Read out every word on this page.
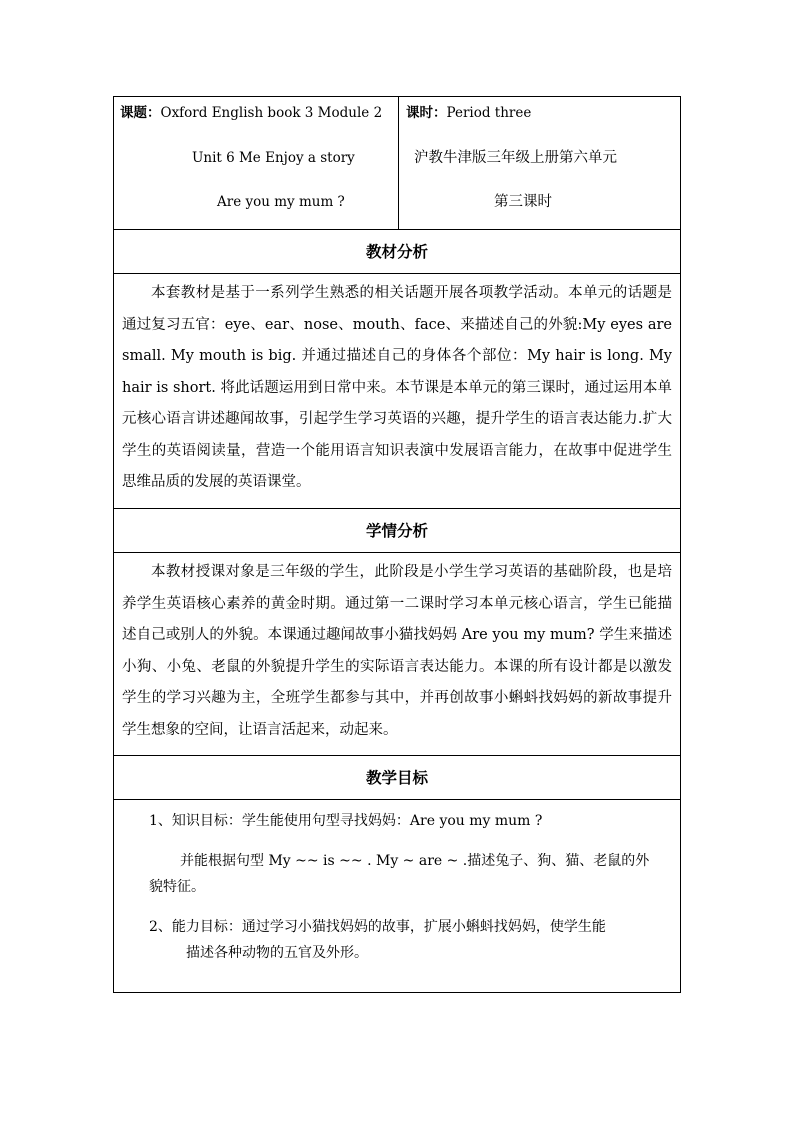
课题：Oxford English book 3 Module 2
Unit 6 Me Enjoy a story
Are you my mum ?

课时：Period three
沪教牛津版三年级上册第六单元
第三课时

教材分析

本套教材是基于一系列学生熟悉的相关话题开展各项教学活动。本单元的话题是通过复习五官：eye、ear、nose、mouth、face、来描述自己的外貌:My eyes are small. My mouth is big. 并通过描述自己的身体各个部位：My hair is long. My hair is short. 将此话题运用到日常中来。本节课是本单元的第三课时，通过运用本单元核心语言讲述趣闻故事，引起学生学习英语的兴趣，提升学生的语言表达能力.扩大学生的英语阅读量，营造一个能用语言知识表演中发展语言能力，在故事中促进学生思维品质的发展的英语课堂。

学情分析

本教材授课对象是三年级的学生，此阶段是小学生学习英语的基础阶段，也是培养学生英语核心素养的黄金时期。通过第一二课时学习本单元核心语言，学生已能描述自己或别人的外貌。本课通过趣闻故事小猫找妈妈 Are you my mum? 学生来描述小狗、小兔、老鼠的外貌提升学生的实际语言表达能力。本课的所有设计都是以激发学生的学习兴趣为主，全班学生都参与其中，并再创故事小蝌蚪找妈妈的新故事提升学生想象的空间，让语言活起来，动起来。

教学目标

1、知识目标：学生能使用句型寻找妈妈：Are you my mum ?
并能根据句型 My ~~ is ~~ . My ~ are ~ .描述兔子、狗、猫、老鼠的外
貌特征。
2、能力目标：通过学习小猫找妈妈的故事，扩展小蝌蚪找妈妈，使学生能
描述各种动物的五官及外形。
